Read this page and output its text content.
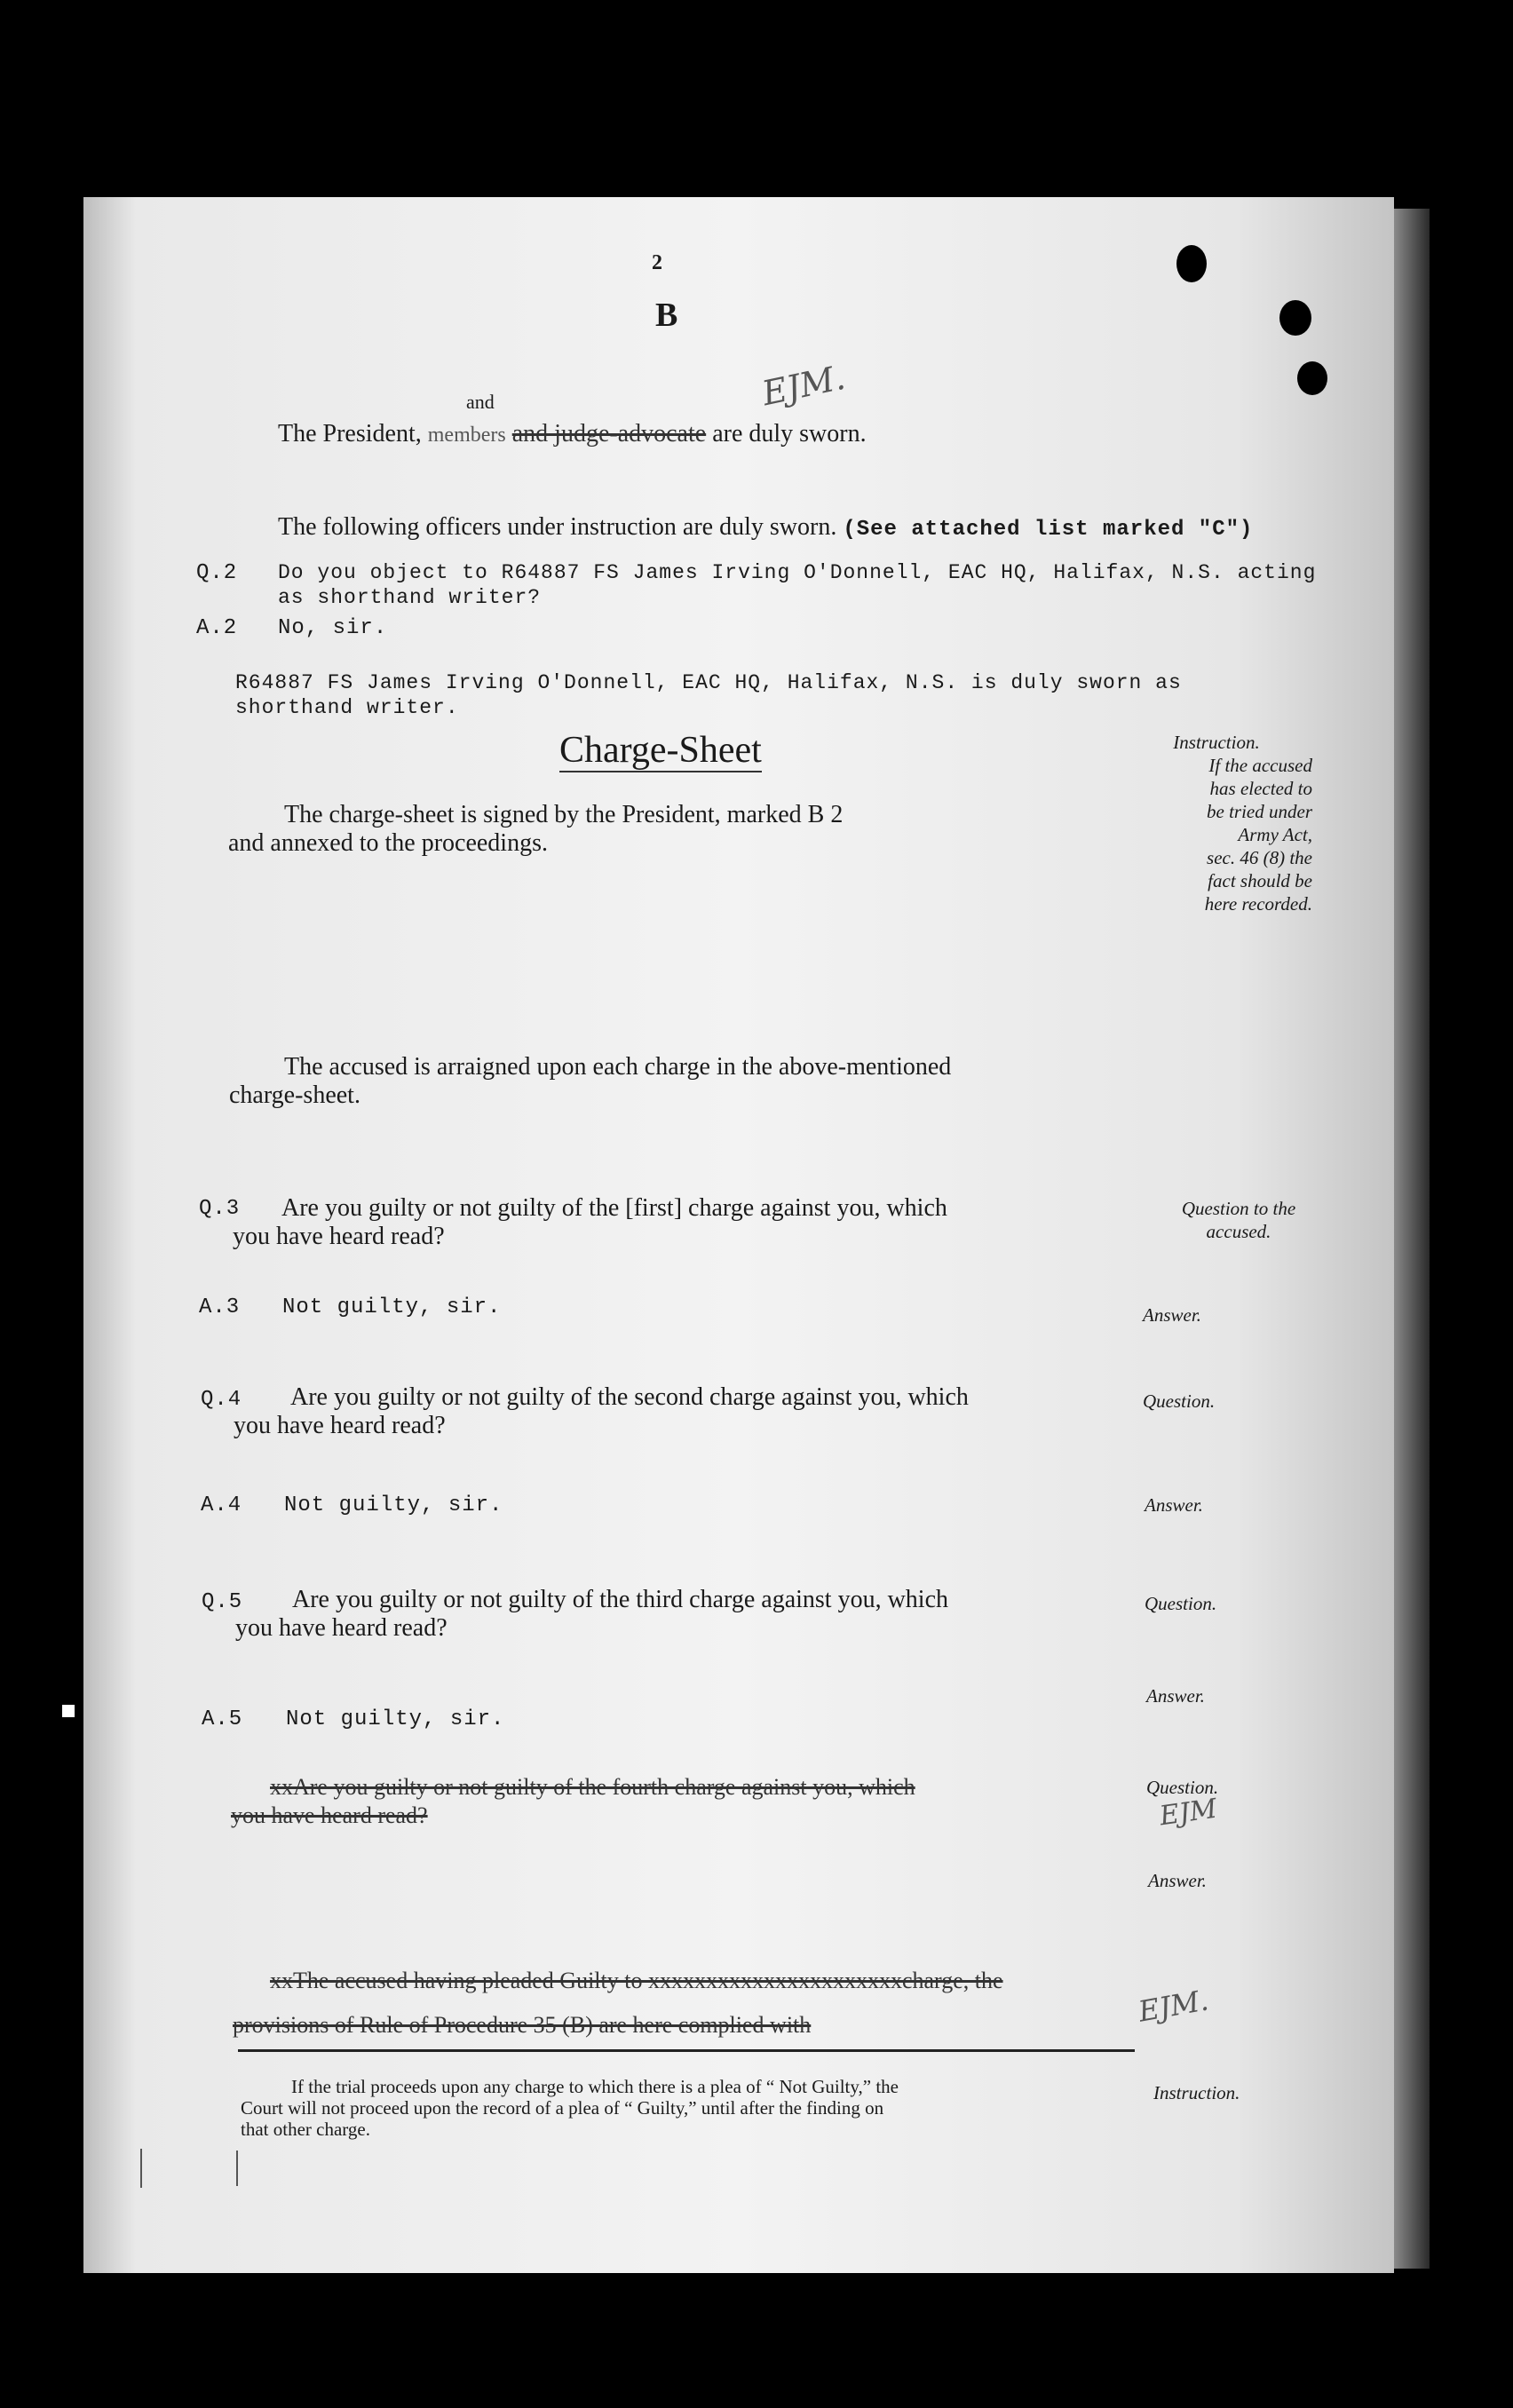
2
B
and	EJM.
The President, members and judge-advocate are duly sworn.
The following officers under instruction are duly sworn. (See attached list marked "C")
Q.2 Do you object to R64887 FS James Irving O'Donnell, EAC HQ, Halifax, N.S. acting
as shorthand writer?
A.2 No, sir.
R64887 FS James Irving O'Donnell, EAC HQ, Halifax, N.S. is duly sworn as
shorthand writer.
Charge-Sheet
The charge-sheet is signed by the President, marked B 2
and annexed to the proceedings.
Instruction.
If the accused
has elected to
be tried under
Army Act,
sec. 46 (8) the
fact should be
here recorded.
The accused is arraigned upon each charge in the above-mentioned
charge-sheet.
Q.3 Are you guilty or not guilty of the [first] charge against you, which
you have heard read?
Question to the
accused.
A.3 Not guilty, sir.	Answer.
Q.4 Are you guilty or not guilty of the second charge against you, which
you have heard read?
Question.
A.4 Not guilty, sir.	Answer.
Q.5 Are you guilty or not guilty of the third charge against you, which
you have heard read?
Question.
Answer.
A.5 Not guilty, sir.
xxAre you guilty or not guilty of the fourth charge against you, which
you have heard read?
Question.
EJM
Answer.
xxThe accused having pleaded Guilty to xxxxxxxxxxxxxxxxxxxxxxcharge, the
provisions of Rule of Procedure 35 (B) are here complied with	EJM.
If the trial proceeds upon any charge to which there is a plea of “ Not Guilty,” the
Court will not proceed upon the record of a plea of “ Guilty,” until after the finding on
that other charge.
Instruction.
